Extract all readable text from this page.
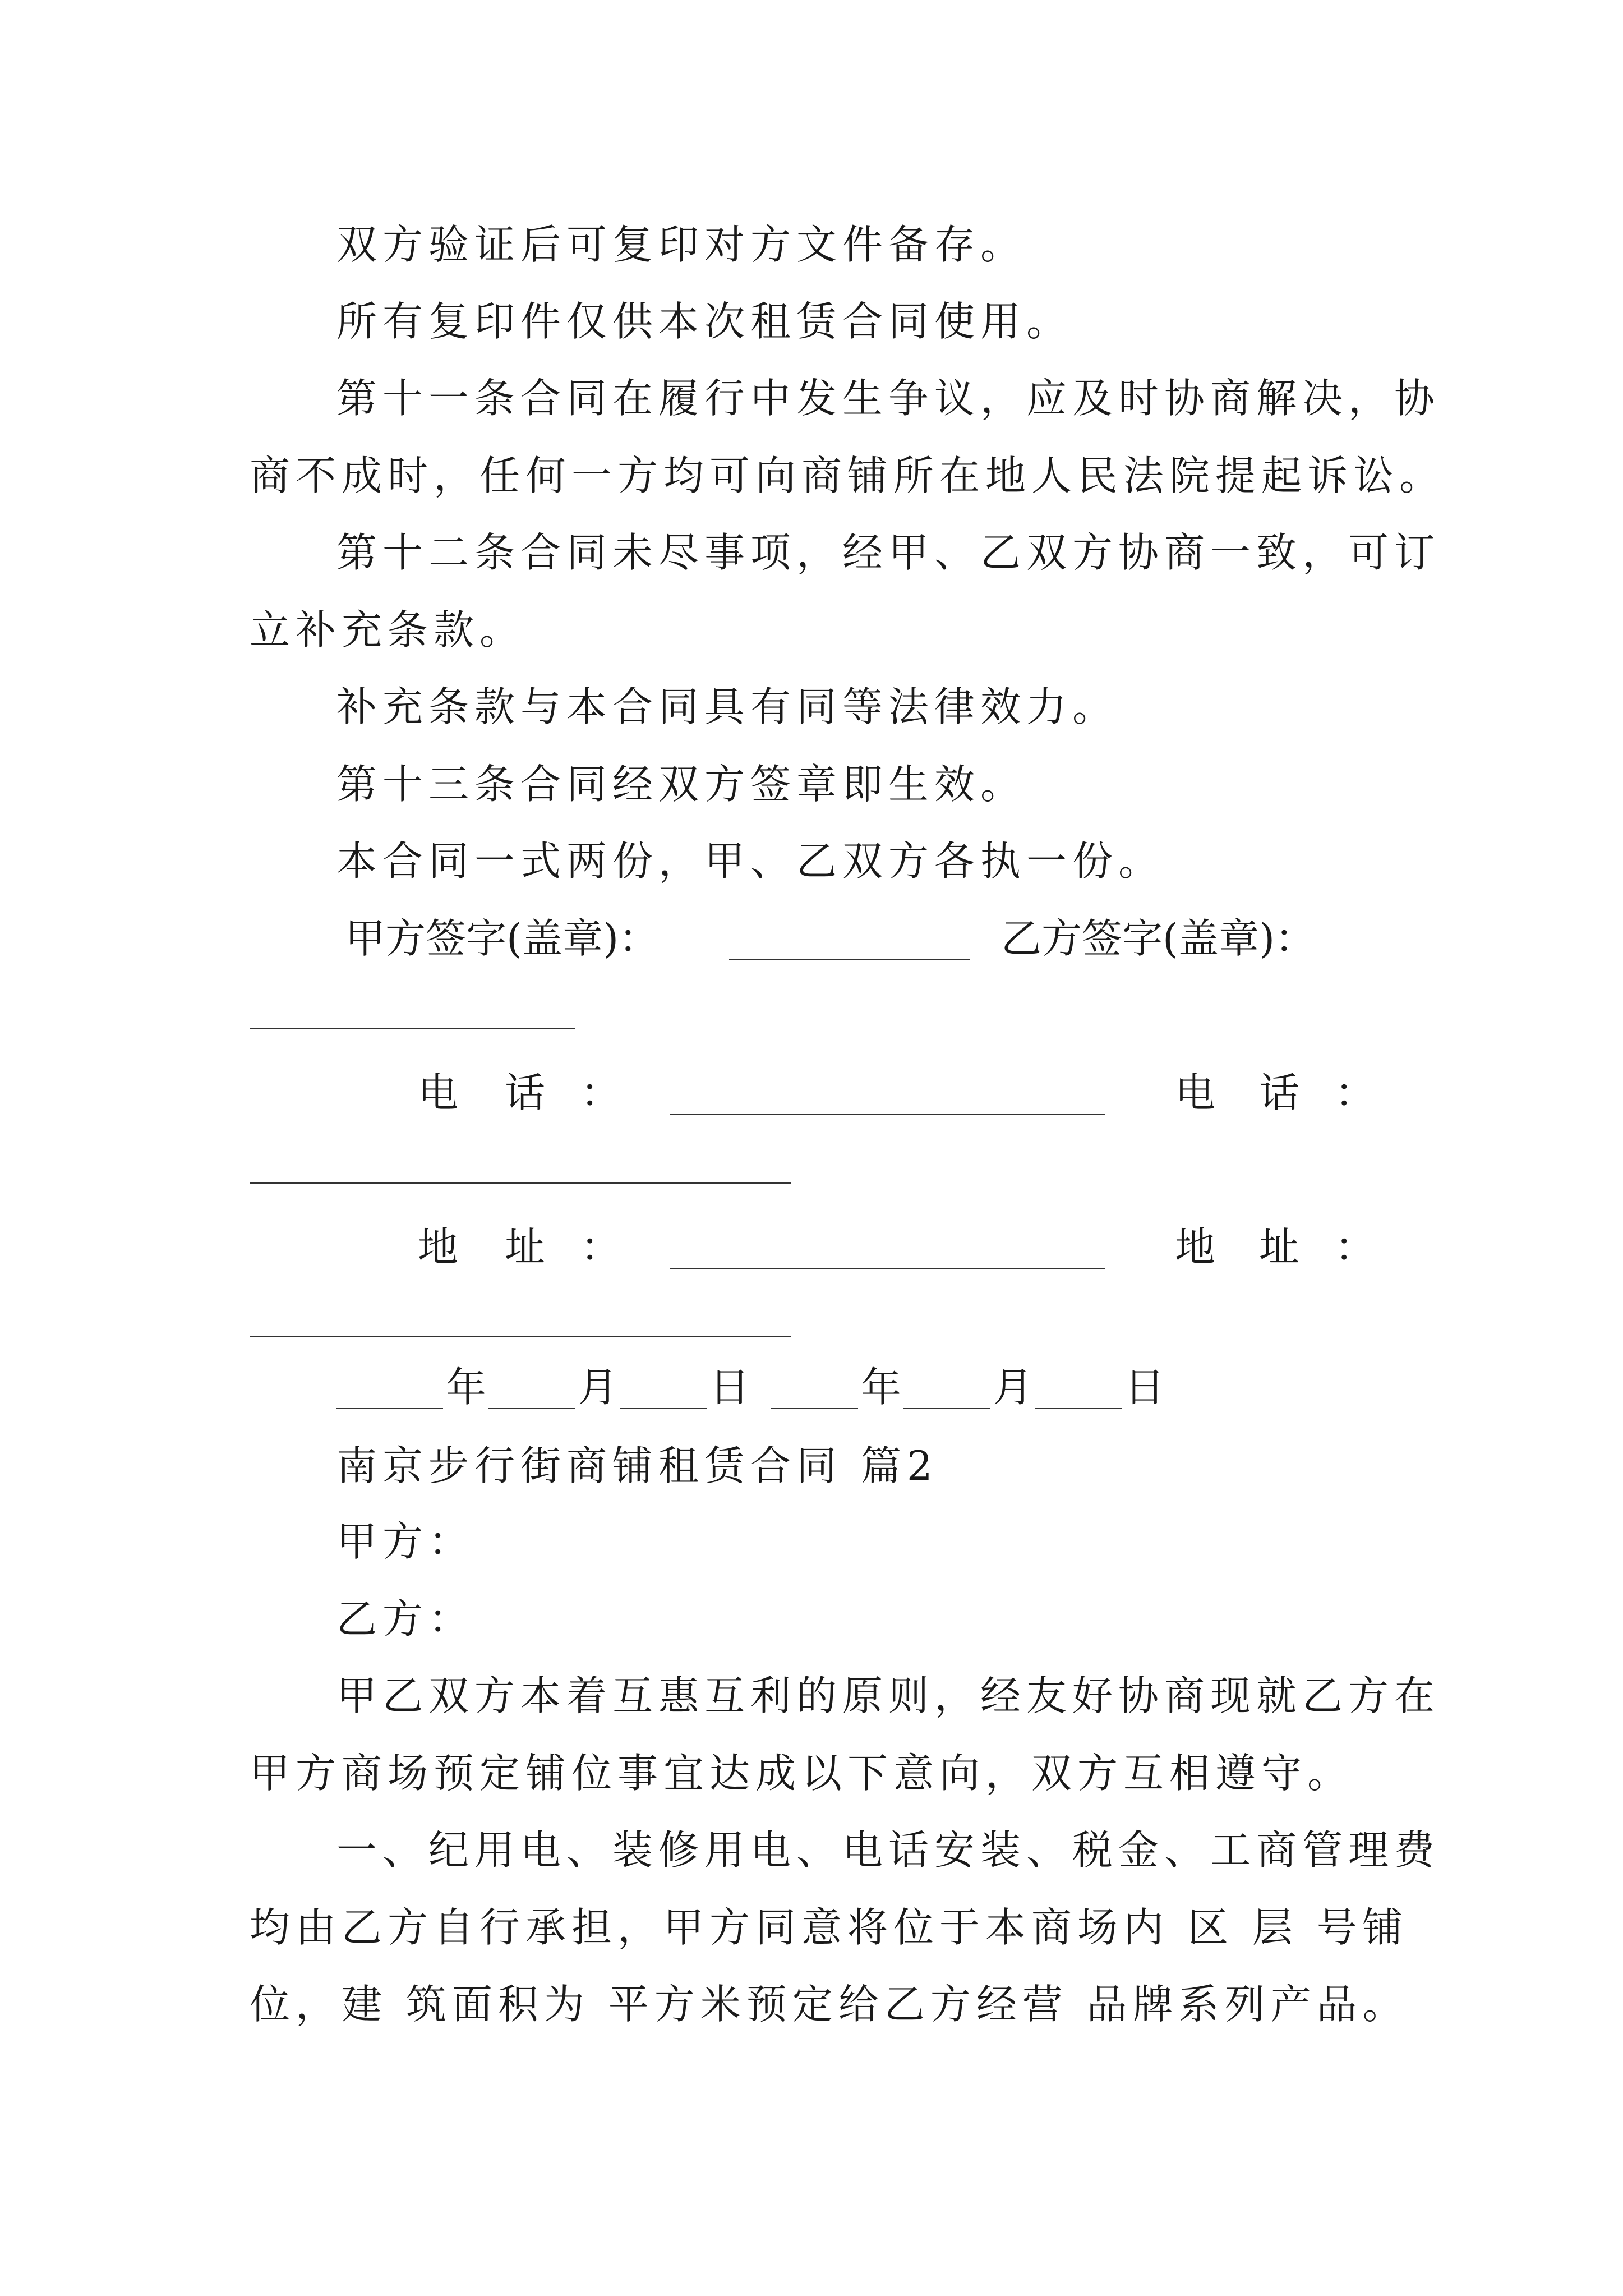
双方验证后可复印对方文件备存。
所有复印件仅供本次租赁合同使用。
第十一条合同在履行中发生争议，应及时协商解决，协
商不成时，任何一方均可向商铺所在地人民法院提起诉讼。
第十二条合同未尽事项，经甲、乙双方协商一致，可订
立补充条款。
补充条款与本合同具有同等法律效力。
第十三条合同经双方签章即生效。
本合同一式两份，甲、乙双方各执一份。
甲方签字(盖章)：	乙方签字(盖章)：
电 话 ：	电 话 ：
地 址 ：	地 址 ：
年 月 日	年 月 日
南京步行街商铺租赁合同 篇2
甲方：
乙方：
甲乙双方本着互惠互利的原则，经友好协商现就乙方在
甲方商场预定铺位事宜达成以下意向，双方互相遵守。
一、纪用电、装修用电、电话安装、税金、工商管理费
均由乙方自行承担，甲方同意将位于本商场内 区 层 号铺
位，建 筑面积为 平方米预定给乙方经营 品牌系列产品。
